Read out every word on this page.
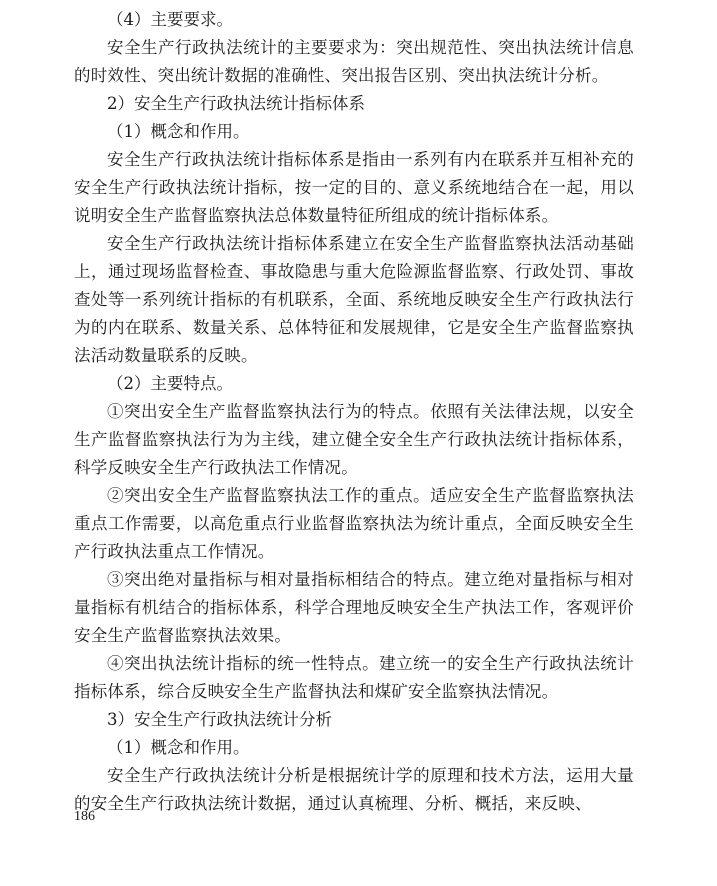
（4）主要要求。

安全生产行政执法统计的主要要求为：突出规范性、突出执法统计信息的时效性、突出统计数据的准确性、突出报告区别、突出执法统计分析。

2）安全生产行政执法统计指标体系

（1）概念和作用。

安全生产行政执法统计指标体系是指由一系列有内在联系并互相补充的安全生产行政执法统计指标，按一定的目的、意义系统地结合在一起，用以说明安全生产监督监察执法总体数量特征所组成的统计指标体系。

安全生产行政执法统计指标体系建立在安全生产监督监察执法活动基础上，通过现场监督检查、事故隐患与重大危险源监督监察、行政处罚、事故查处等一系列统计指标的有机联系，全面、系统地反映安全生产行政执法行为的内在联系、数量关系、总体特征和发展规律，它是安全生产监督监察执法活动数量联系的反映。

（2）主要特点。

①突出安全生产监督监察执法行为的特点。依照有关法律法规，以安全生产监督监察执法行为为主线，建立健全安全生产行政执法统计指标体系，科学反映安全生产行政执法工作情况。

②突出安全生产监督监察执法工作的重点。适应安全生产监督监察执法重点工作需要，以高危重点行业监督监察执法为统计重点，全面反映安全生产行政执法重点工作情况。

③突出绝对量指标与相对量指标相结合的特点。建立绝对量指标与相对量指标有机结合的指标体系，科学合理地反映安全生产执法工作，客观评价安全生产监督监察执法效果。

④突出执法统计指标的统一性特点。建立统一的安全生产行政执法统计指标体系，综合反映安全生产监督执法和煤矿安全监察执法情况。

3）安全生产行政执法统计分析

（1）概念和作用。

安全生产行政执法统计分析是根据统计学的原理和技术方法，运用大量的安全生产行政执法统计数据，通过认真梳理、分析、概括，来反映、

186
